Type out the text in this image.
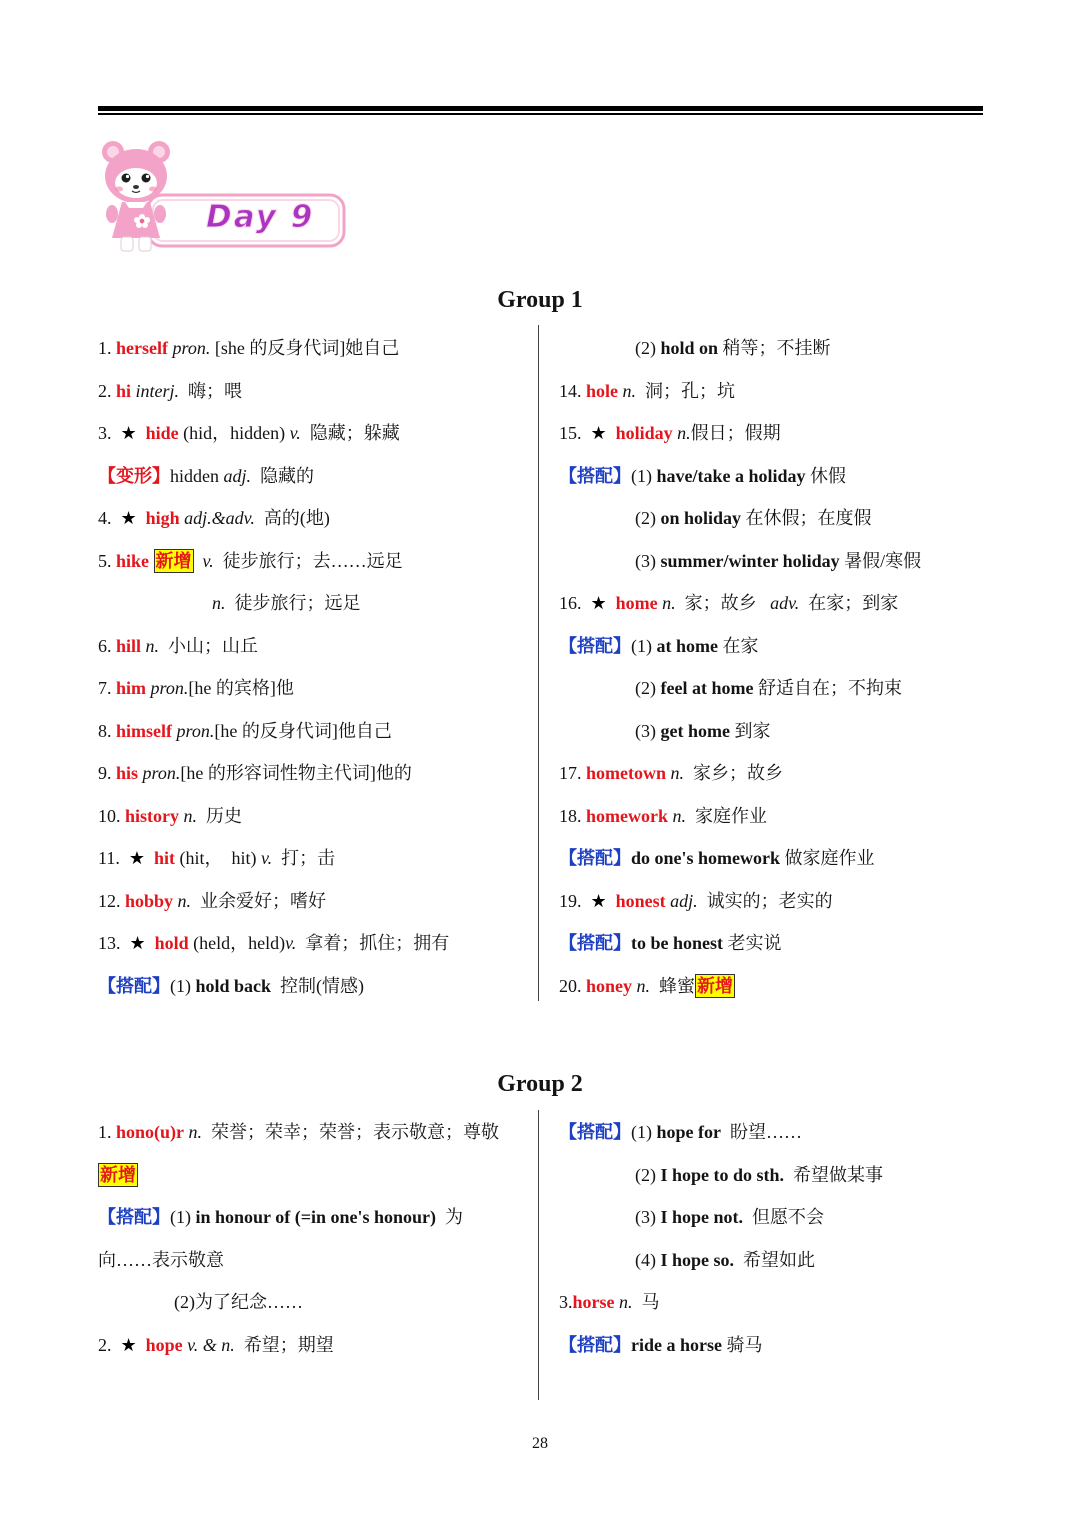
Day 9
Group 1
1. herself pron. [she 的反身代词]她自己
2. hi interj.  嗨；喂
3.  ★ hide (hid，hidden) v.  隐藏；躲藏
【变形】hidden adj.  隐藏的
4.  ★ high adj.&adv.  高的(地)
5. hike 新增 v.  徒步旅行；去……远足
n.  徒步旅行；远足
6. hill n.  小山；山丘
7. him pron.[he 的宾格]他
8. himself pron.[he 的反身代词]他自己
9. his pron.[he 的形容词性物主代词]他的
10. history n.  历史
11.  ★ hit (hit，  hit) v.  打；击
12. hobby n.  业余爱好；嗜好
13.  ★ hold (held，held)v.  拿着；抓住；拥有
【搭配】(1) hold back  控制(情感)
(2) hold on 稍等；不挂断
14. hole n.  洞；孔；坑
15.  ★ holiday n.假日；假期
【搭配】(1) have/take a holiday 休假
(2) on holiday 在休假；在度假
(3) summer/winter holiday 暑假/寒假
16.  ★ home n.  家；故乡   adv.  在家；到家
【搭配】(1) at home 在家
(2) feel at home 舒适自在；不拘束
(3) get home 到家
17. hometown n.  家乡；故乡
18. homework n.  家庭作业
【搭配】do one's homework 做家庭作业
19.  ★ honest adj.  诚实的；老实的
【搭配】to be honest 老实说
20. honey n.  蜂蜜 新增
Group 2
1. hono(u)r n.  荣誉；荣幸；荣誉；表示敬意；尊敬
新增
【搭配】(1) in honour of (=in one's honour)  为
向……表示敬意
(2)为了纪念……
2.  ★ hope v. & n.  希望；期望
【搭配】(1) hope for  盼望……
(2) I hope to do sth.  希望做某事
(3) I hope not.  但愿不会
(4) I hope so.  希望如此
3.horse n.  马
【搭配】ride a horse 骑马
28
